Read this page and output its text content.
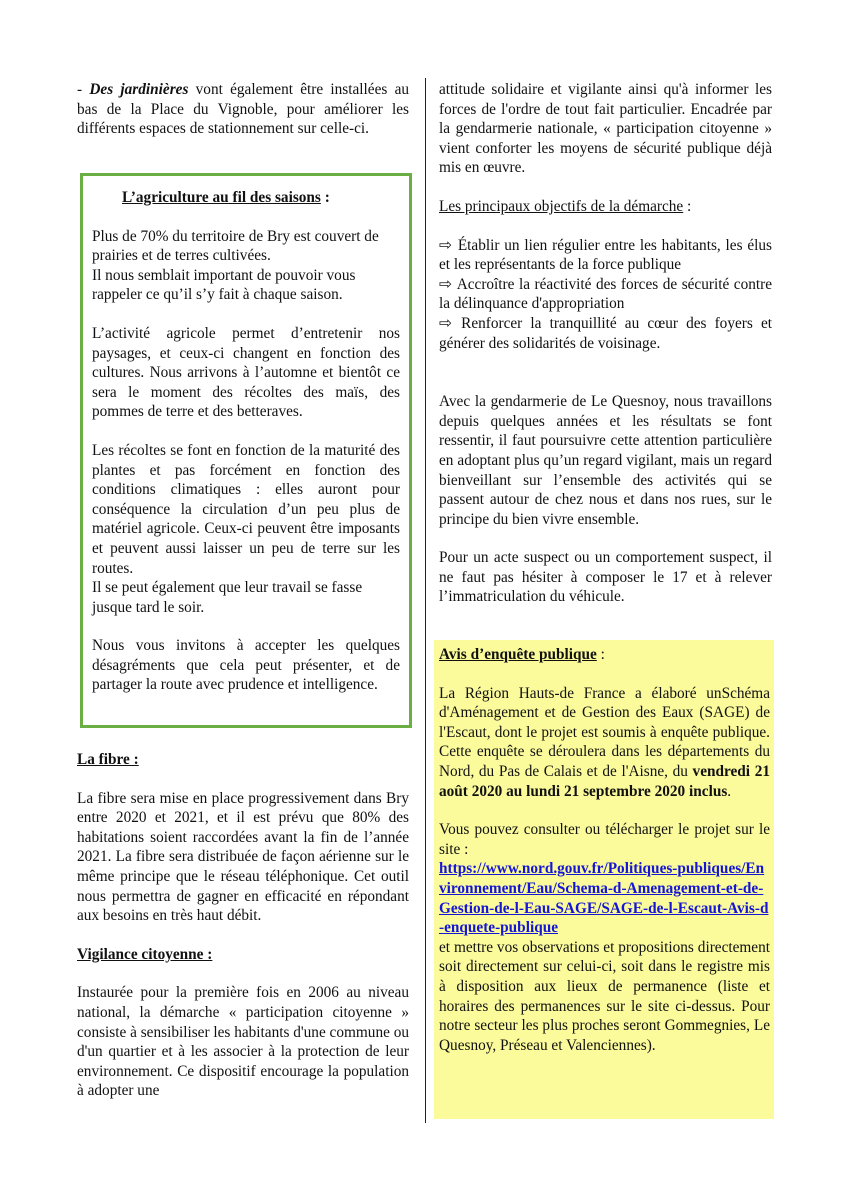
- Des jardinières vont également être installées au bas de la Place du Vignoble, pour améliorer les différents espaces de stationnement sur celle-ci.

L’agriculture au fil des saisons :

Plus de 70% du territoire de Bry est couvert de prairies et de terres cultivées.

Il nous semblait important de pouvoir vous rappeler ce qu’il s’y fait à chaque saison.

L’activité agricole permet d’entretenir nos paysages, et ceux-ci changent en fonction des cultures. Nous arrivons à l’automne et bientôt ce sera le moment des récoltes des maïs, des pommes de terre et des betteraves.

Les récoltes se font en fonction de la maturité des plantes et pas forcément en fonction des conditions climatiques : elles auront pour conséquence la circulation d’un peu plus de matériel agricole. Ceux-ci peuvent être imposants et peuvent aussi laisser un peu de terre sur les routes.

Il se peut également que leur travail se fasse jusque tard le soir.

Nous vous invitons à accepter les quelques désagréments que cela peut présenter, et de partager la route avec prudence et intelligence.

La fibre :

La fibre sera mise en place progressivement dans Bry entre 2020 et 2021, et il est prévu que 80% des habitations soient raccordées avant la fin de l’année 2021. La fibre sera distribuée de façon aérienne sur le même principe que le réseau téléphonique. Cet outil nous permettra de gagner en efficacité en répondant aux besoins en très haut débit.

Vigilance citoyenne :

Instaurée pour la première fois en 2006 au niveau national, la démarche « participation citoyenne » consiste à sensibiliser les habitants d'une commune ou d'un quartier et à les associer à la protection de leur environnement. Ce dispositif encourage la population à adopter une

attitude solidaire et vigilante ainsi qu'à informer les forces de l'ordre de tout fait particulier. Encadrée par la gendarmerie nationale, « participation citoyenne » vient conforter les moyens de sécurité publique déjà mis en œuvre.

Les principaux objectifs de la démarche :

⇨ Établir un lien régulier entre les habitants, les élus et les représentants de la force publique

⇨ Accroître la réactivité des forces de sécurité contre la délinquance d'appropriation

⇨ Renforcer la tranquillité au cœur des foyers et générer des solidarités de voisinage.

Avec la gendarmerie de Le Quesnoy, nous travaillons depuis quelques années et les résultats se font ressentir, il faut poursuivre cette attention particulière en adoptant plus qu’un regard vigilant, mais un regard bienveillant sur l’ensemble des activités qui se passent autour de chez nous et dans nos rues, sur le principe du bien vivre ensemble.

Pour un acte suspect ou un comportement suspect, il ne faut pas hésiter à composer le 17 et à relever l’immatriculation du véhicule.

Avis d’enquête publique :

La Région Hauts-de France a élaboré unSchéma d'Aménagement et de Gestion des Eaux (SAGE) de l'Escaut, dont le projet est soumis à enquête publique. Cette enquête se déroulera dans les départements du Nord, du Pas de Calais et de l'Aisne, du vendredi 21 août 2020 au lundi 21 septembre 2020 inclus.

Vous pouvez consulter ou télécharger le projet sur le site :

https://www.nord.gouv.fr/Politiques-publiques/Environnement/Eau/Schema-d-Amenagement-et-de-Gestion-de-l-Eau-SAGE/SAGE-de-l-Escaut-Avis-d-enquete-publique

et mettre vos observations et propositions directement soit directement sur celui-ci, soit dans le registre mis à disposition aux lieux de permanence (liste et horaires des permanences sur le site ci-dessus. Pour notre secteur les plus proches seront Gommegnies, Le Quesnoy, Préseau et Valenciennes).
